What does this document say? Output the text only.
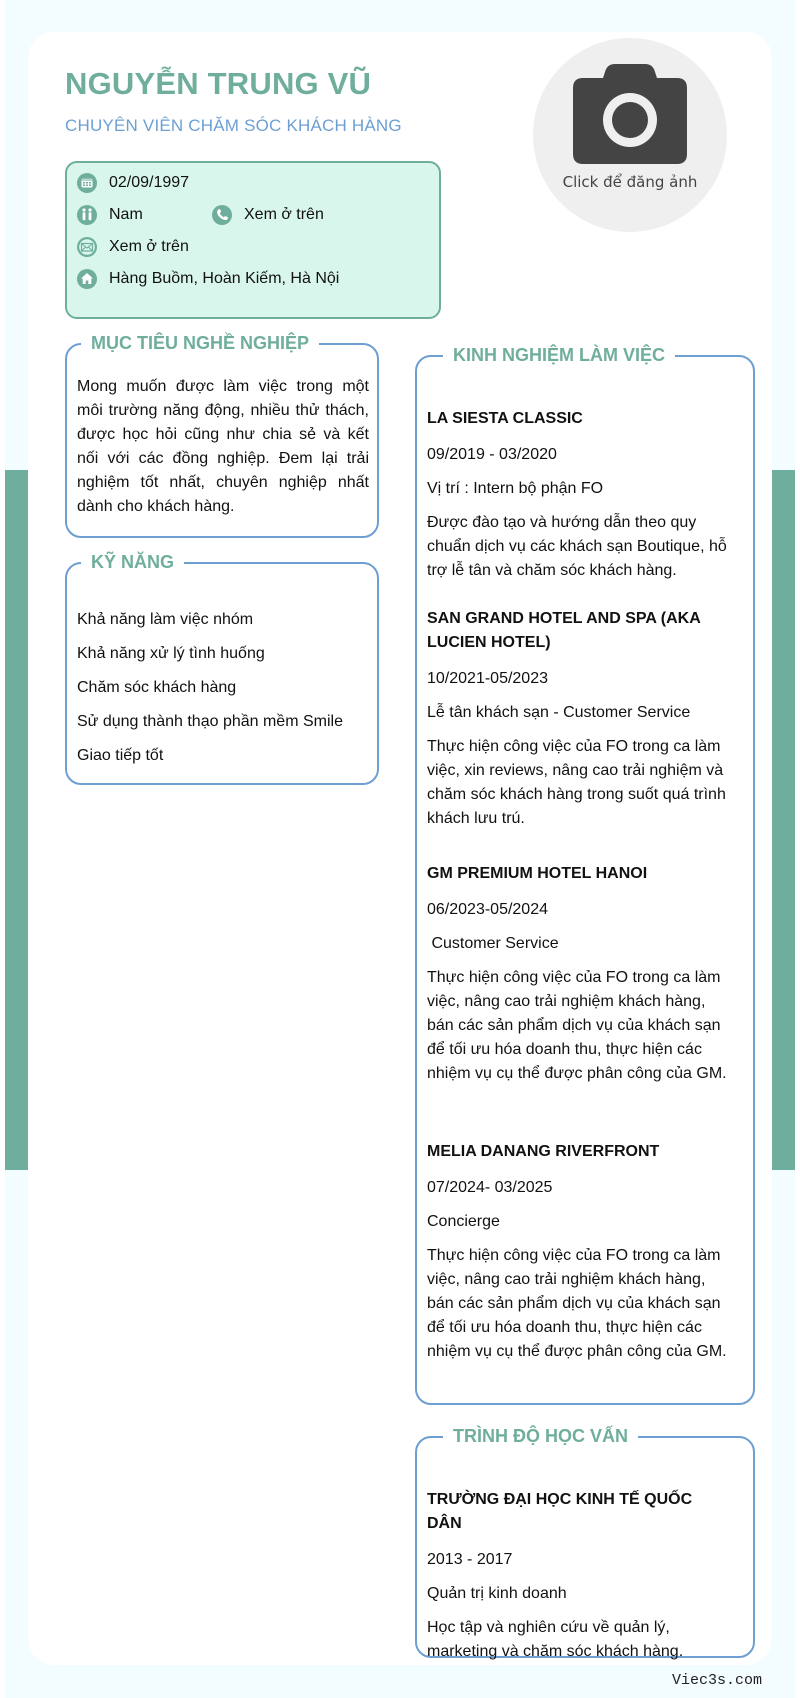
NGUYỄN TRUNG VŨ
CHUYÊN VIÊN CHĂM SÓC KHÁCH HÀNG
Click để đăng ảnh
02/09/1997
Nam	Xem ở trên
Xem ở trên
Hàng Buồm, Hoàn Kiếm, Hà Nội
MỤC TIÊU NGHỀ NGHIỆP

Mong muốn được làm việc trong một môi trường năng động, nhiều thử thách, được học hỏi cũng như chia sẻ và kết nối với các đồng nghiệp. Đem lại trải nghiệm tốt nhất, chuyên nghiệp nhất dành cho khách hàng.

KỸ NĂNG
Khả năng làm việc nhóm
Khả năng xử lý tình huống
Chăm sóc khách hàng
Sử dụng thành thạo phần mềm Smile
Giao tiếp tốt
KINH NGHIỆM LÀM VIỆC

LA SIESTA CLASSIC

09/2019 - 03/2020

Vị trí : Intern bộ phận FO

Được đào tạo và hướng dẫn theo quy chuẩn dịch vụ các khách sạn Boutique, hỗ trợ lễ tân và chăm sóc khách hàng.

SAN GRAND HOTEL AND SPA (AKA LUCIEN HOTEL)

10/2021-05/2023

Lễ tân khách sạn - Customer Service

Thực hiện công việc của FO trong ca làm việc, xin reviews, nâng cao trải nghiệm và chăm sóc khách hàng trong suốt quá trình khách lưu trú.

GM PREMIUM HOTEL HANOI

06/2023-05/2024

Customer Service

Thực hiện công việc của FO trong ca làm việc, nâng cao trải nghiệm khách hàng, bán các sản phẩm dịch vụ của khách sạn để tối ưu hóa doanh thu, thực hiện các nhiệm vụ cụ thể được phân công của GM.

MELIA DANANG RIVERFRONT

07/2024- 03/2025

Concierge

Thực hiện công việc của FO trong ca làm việc, nâng cao trải nghiệm khách hàng, bán các sản phẩm dịch vụ của khách sạn để tối ưu hóa doanh thu, thực hiện các nhiệm vụ cụ thể được phân công của GM.

TRÌNH ĐỘ HỌC VẤN

TRƯỜNG ĐẠI HỌC KINH TẾ QUỐC DÂN

2013 - 2017

Quản trị kinh doanh

Học tập và nghiên cứu về quản lý, marketing và chăm sóc khách hàng.

Viec3s.com
